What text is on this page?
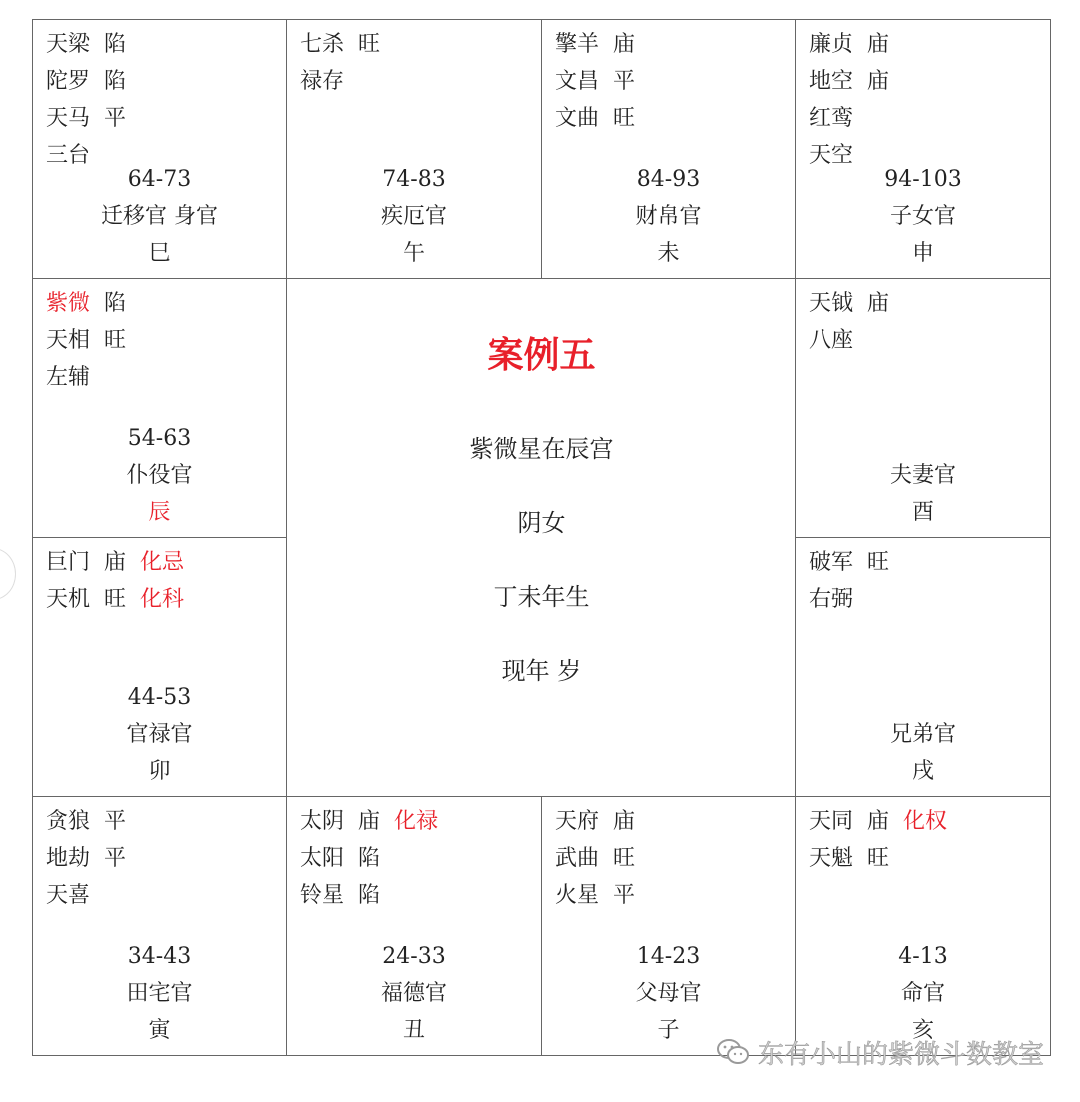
天梁 陷
陀罗 陷
天马 平
三台
64-73
迁移官 身官
巳
七杀 旺
禄存
74-83
疾厄官
午
擎羊 庙
文昌 平
文曲 旺
84-93
财帛官
未
廉贞 庙
地空 庙
红鸾
天空
94-103
子女官
申
紫微 陷
天相 旺
左辅
54-63
仆役官
辰
案例五
紫微星在辰宫
阴女
丁未年生
现年 岁
天钺 庙
八座
夫妻官
酉
巨门 庙 化忌
天机 旺 化科
44-53
官禄官
卯
破军 旺
右弼
兄弟官
戌
贪狼 平
地劫 平
天喜
34-43
田宅官
寅
太阴 庙 化禄
太阳 陷
铃星 陷
24-33
福德官
丑
天府 庙
武曲 旺
火星 平
14-23
父母官
子
天同 庙 化权
天魁 旺
4-13
命官
亥
东有小山的紫微斗数教室
